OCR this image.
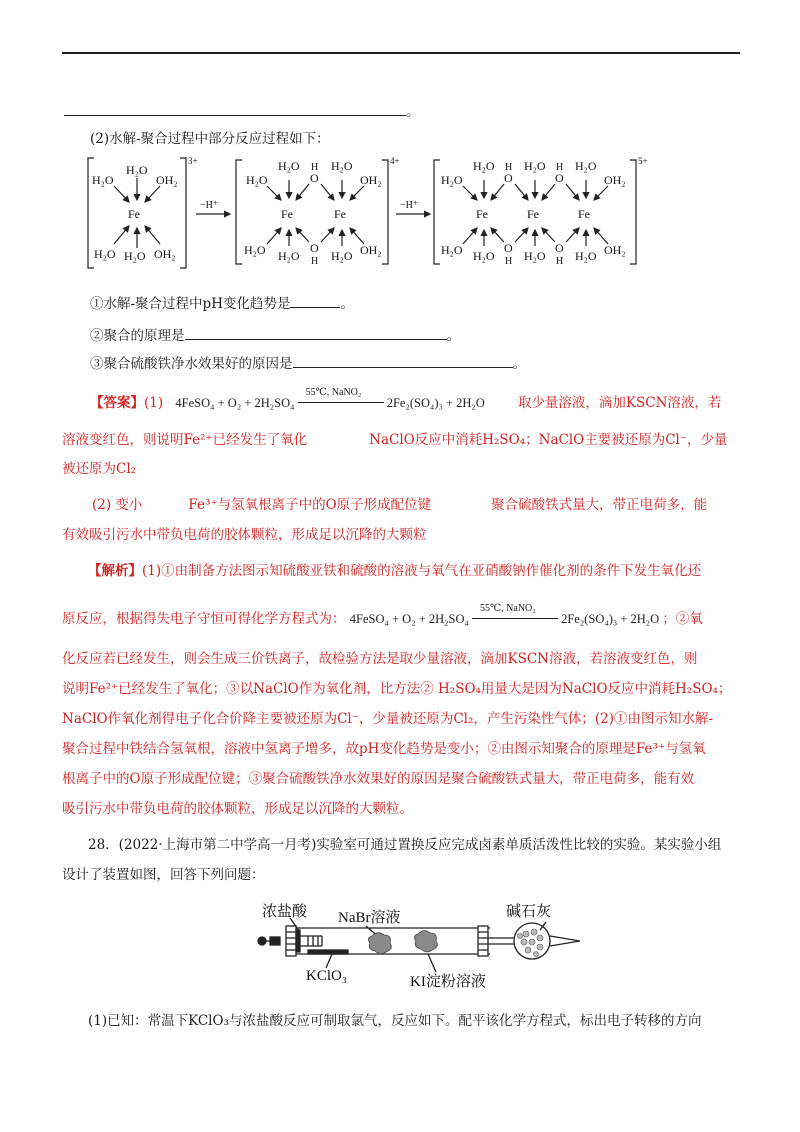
。
(2)水解-聚合过程中部分反应过程如下：
3+	4+	5+
−H⁺	−H⁺
Fe
H₂O
H₂O	OH₂
H₂O H₂O OH₂
Fe	Fe
H₂O
H₂O
H₂O
OH₂
H
O
O
H
H₂O H₂O	H₂O OH₂
Fe	Fe	Fe
H₂O
H₂O
H₂O H₂O
OH₂
H
O
H
O
O
H
O
H
H₂O H₂O H₂O H₂O OH₂
①水解-聚合过程中pH变化趋势是	。
②聚合的原理是	。
③聚合硫酸铁净水效果好的原因是	。
【答案】(1) 4FeSO₄ + O₂ + 2H₂SO₄
55℃, NaNO₂
2Fe₂(SO₄)₃ + 2H₂O 取少量溶液，滴加KSCN溶液，若
溶液变红色，则说明Fe²⁺已经发生了氧化	NaClO反应中消耗H₂SO₄；NaClO主要被还原为Cl⁻，少量
被还原为Cl₂
(2) 变小	Fe³⁺与氢氧根离子中的O原子形成配位键	聚合硫酸铁式量大，带正电荷多，能
有效吸引污水中带负电荷的胶体颗粒，形成足以沉降的大颗粒
【解析】(1)①由制备方法图示知硫酸亚铁和硫酸的溶液与氧气在亚硝酸钠作催化剂的条件下发生氧化还
原反应，根据得失电子守恒可得化学方程式为： 4FeSO₄ + O₂ + 2H₂SO₄
55℃, NaNO₂
2Fe₂(SO₄)₃ + 2H₂O ；②氧
化反应若已经发生，则会生成三价铁离子，故检验方法是取少量溶液，滴加KSCN溶液，若溶液变红色，则
说明Fe²⁺已经发生了氧化；③以NaClO作为氧化剂，比方法② H₂SO₄用量大是因为NaClO反应中消耗H₂SO₄；
NaClO作氧化剂得电子化合价降主要被还原为Cl⁻，少量被还原为Cl₂，产生污染性气体；(2)①由图示知水解-
聚合过程中铁结合氢氧根，溶液中氢离子增多，故pH变化趋势是变小；②由图示知聚合的原理是Fe³⁺与氢氧
根离子中的O原子形成配位键；③聚合硫酸铁净水效果好的原因是聚合硫酸铁式量大，带正电荷多，能有效
吸引污水中带负电荷的胶体颗粒，形成足以沉降的大颗粒。
28．(2022·上海市第二中学高一月考)实验室可通过置换反应完成卤素单质活泼性比较的实验。某实验小组
设计了装置如图，回答下列问题：
浓盐酸 NaBr溶液	碱石灰
KClO₃	KI淀粉溶液
(1)已知：常温下KClO₃与浓盐酸反应可制取氯气，反应如下。配平该化学方程式，标出电子转移的方向
